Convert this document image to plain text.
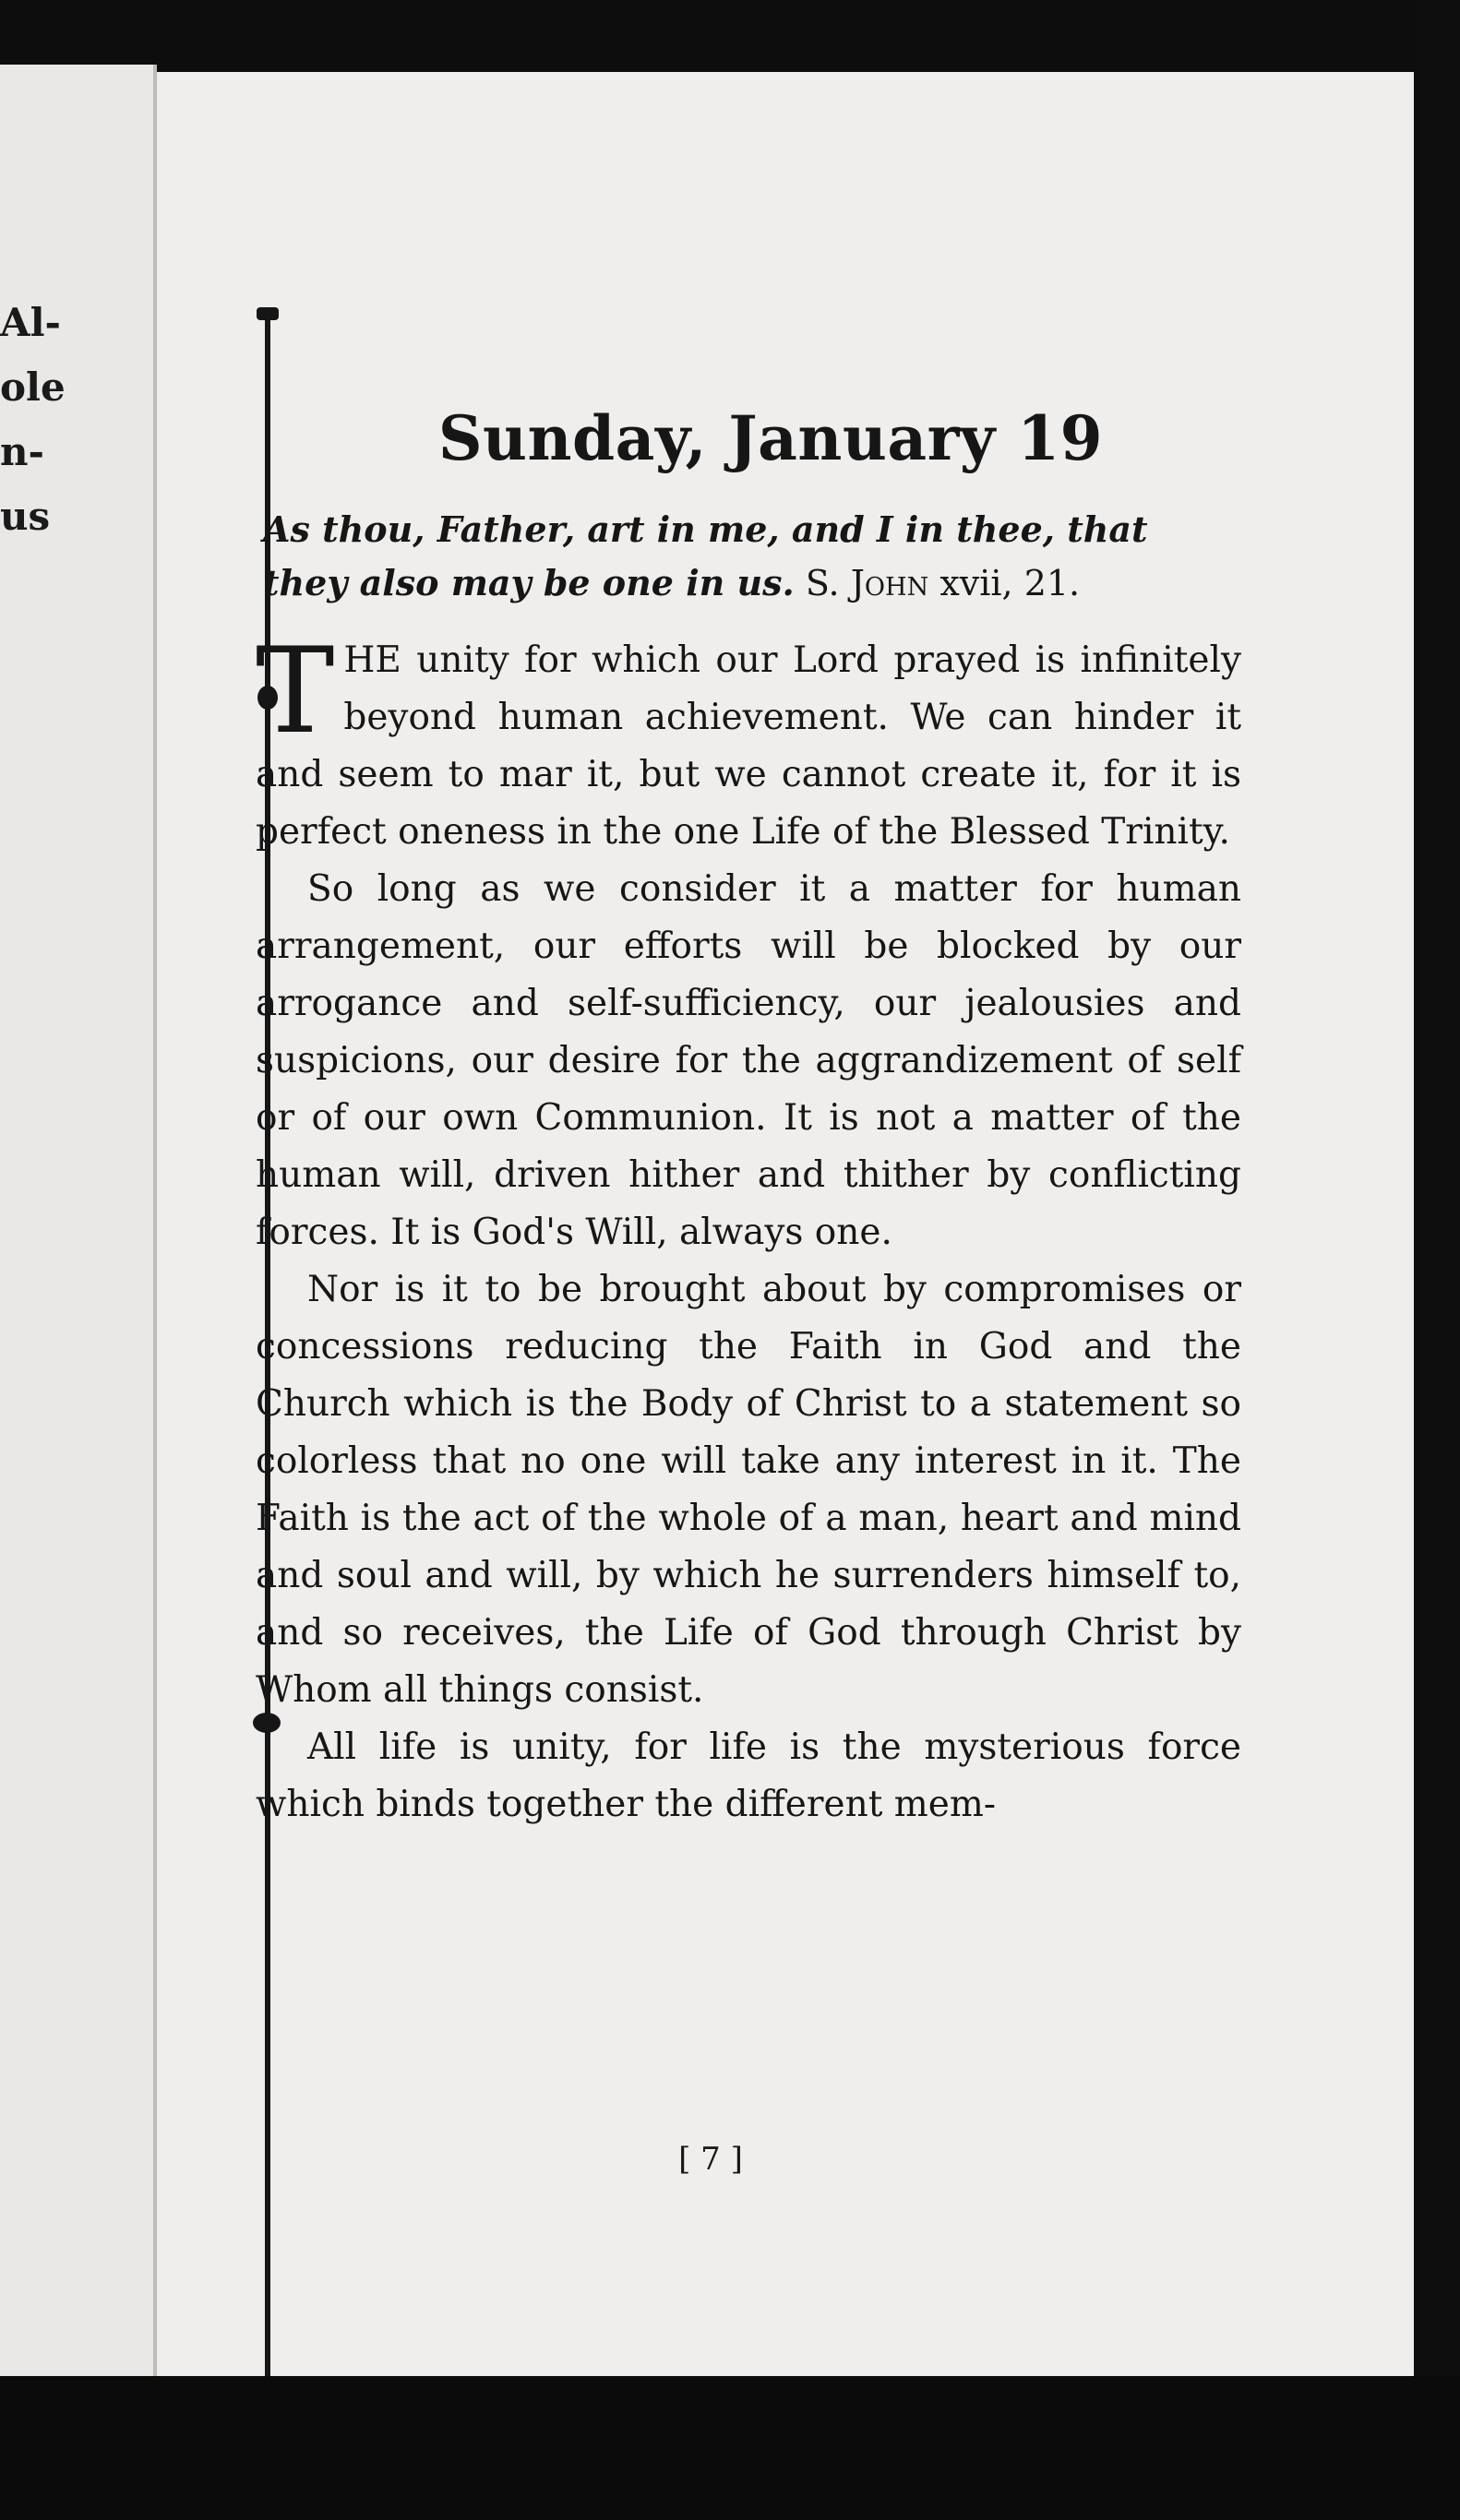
Al-
ole
n-
us
Sunday, January 19

As thou, Father, art in me, and I in thee, that they also may be one in us. S. John xvii, 21.

THE unity for which our Lord prayed is infinitely beyond human achievement. We can hinder it and seem to mar it, but we cannot create it, for it is perfect oneness in the one Life of the Blessed Trinity.

So long as we consider it a matter for human arrangement, our efforts will be blocked by our arrogance and self-sufficiency, our jealousies and suspicions, our desire for the aggrandizement of self or of our own Communion. It is not a matter of the human will, driven hither and thither by conflicting forces. It is God's Will, always one.

Nor is it to be brought about by compromises or concessions reducing the Faith in God and the Church which is the Body of Christ to a statement so colorless that no one will take any interest in it. The Faith is the act of the whole of a man, heart and mind and soul and will, by which he surrenders himself to, and so receives, the Life of God through Christ by Whom all things consist.

All life is unity, for life is the mysterious force which binds together the different mem-

[ 7 ]
